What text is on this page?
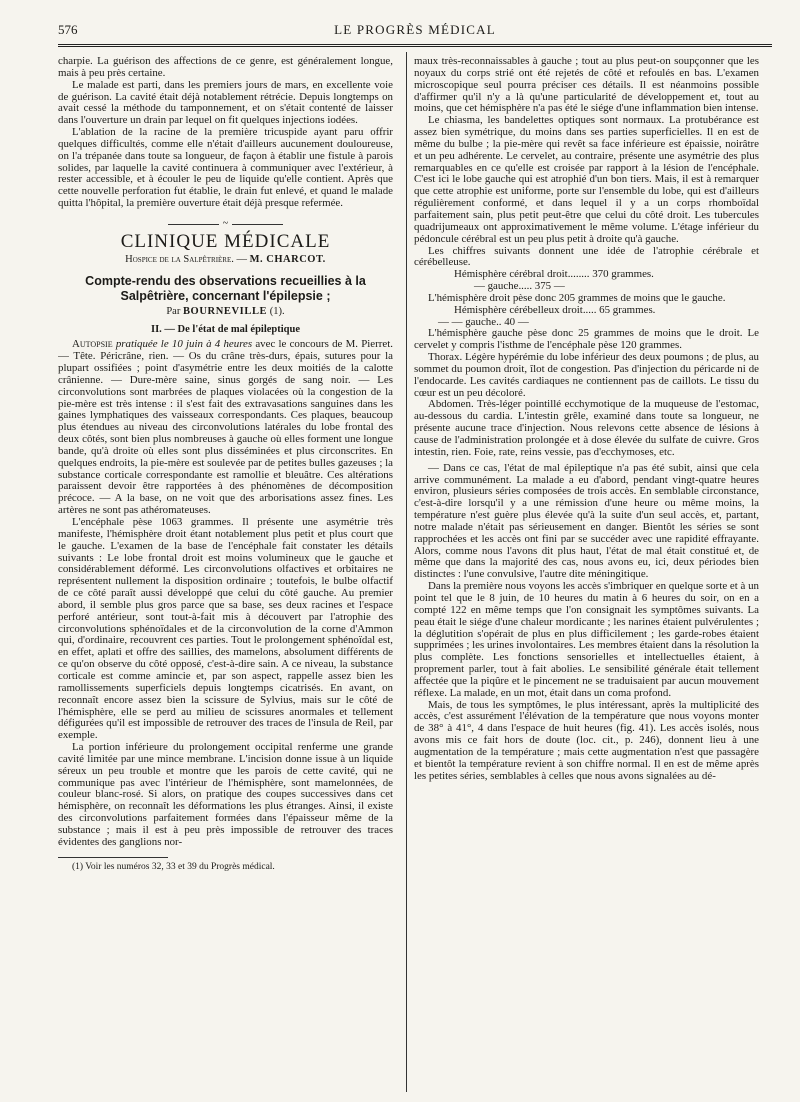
576	LE PROGRÈS MÉDICAL

charpie. La guérison des affections de ce genre, est généralement longue, mais à peu près certaine.

Le malade est parti, dans les premiers jours de mars, en excellente voie de guérison. La cavité était déjà notablement rétrécie. Depuis longtemps on avait cessé la méthode du tamponnement, et on s'était contenté de laisser dans l'ouverture un drain par lequel on fit quelques injections iodées.

L'ablation de la racine de la première tricuspide ayant paru offrir quelques difficultés, comme elle n'était d'ailleurs aucunement douloureuse, on l'a trépanée dans toute sa longueur, de façon à établir une fistule à parois solides, par laquelle la cavité continuera à communiquer avec l'extérieur, à rester accessible, et à écouler le peu de liquide qu'elle contient. Après que cette nouvelle perforation fut établie, le drain fut enlevé, et quand le malade quitta l'hôpital, la première ouverture était déjà presque refermée.

~
CLINIQUE MÉDICALE
Hospice de la Salpêtrière. — M. CHARCOT.
Compte-rendu des observations recueillies à la
Salpêtrière, concernant l'épilepsie ;
Par BOURNEVILLE (1).
II. — De l'état de mal épileptique

Autopsie pratiquée le 10 juin à 4 heures avec le concours de M. Pierret. — Tête. Péricrâne, rien. — Os du crâne très-durs, épais, sutures pour la plupart ossifiées ; point d'asymétrie entre les deux moitiés de la calotte crânienne. — Dure-mère saine, sinus gorgés de sang noir. — Les circonvolutions sont marbrées de plaques violacées où la congestion de la pie-mère est très intense : il s'est fait des extravasations sanguines dans les gaines lymphatiques des vaisseaux correspondants. Ces plaques, beaucoup plus étendues au niveau des circonvolutions latérales du lobe frontal des deux côtés, sont bien plus nombreuses à gauche où elles forment une longue bande, qu'à droite où elles sont plus disséminées et plus circonscrites. En quelques endroits, la pie-mère est soulevée par de petites bulles gazeuses ; la substance corticale correspondante est ramollie et bleuâtre. Ces altérations paraissent devoir être rapportées à des phénomènes de décomposition précoce. — A la base, on ne voit que des arborisations assez fines. Les artères ne sont pas athéromateuses.

L'encéphale pèse 1063 grammes. Il présente une asymétrie très manifeste, l'hémisphère droit étant notablement plus petit et plus court que le gauche. L'examen de la base de l'encéphale fait constater les détails suivants : Le lobe frontal droit est moins volumineux que le gauche et considérablement déformé. Les circonvolutions olfactives et orbitaires ne représentent nullement la disposition ordinaire ; toutefois, le bulbe olfactif de ce côté paraît aussi développé que celui du côté gauche. Au premier abord, il semble plus gros parce que sa base, ses deux racines et l'espace perforé antérieur, sont tout-à-fait mis à découvert par l'atrophie des circonvolutions sphénoïdales et de la circonvolution de la corne d'Ammon qui, d'ordinaire, recouvrent ces parties. Tout le prolongement sphénoïdal est, en effet, aplati et offre des saillies, des mamelons, absolument différents de ce qu'on observe du côté opposé, c'est-à-dire sain. A ce niveau, la substance corticale est comme amincie et, par son aspect, rappelle assez bien les ramollissements superficiels depuis longtemps cicatrisés. En avant, on reconnaît encore assez bien la scissure de Sylvius, mais sur le côté de l'hémisphère, elle se perd au milieu de scissures anormales et tellement défigurées qu'il est impossible de retrouver des traces de l'insula de Reil, par exemple.

La portion inférieure du prolongement occipital renferme une grande cavité limitée par une mince membrane. L'incision donne issue à un liquide séreux un peu trouble et montre que les parois de cette cavité, qui ne communique pas avec l'intérieur de l'hémisphère, sont mamelonnées, de couleur blanc-rosé. Si alors, on pratique des coupes successives dans cet hémisphère, on reconnaît les déformations les plus étranges. Ainsi, il existe des circonvolutions parfaitement formées dans l'épaisseur même de la substance ; mais il est à peu près impossible de retrouver des traces évidentes des ganglions nor-

(1) Voir les numéros 32, 33 et 39 du Progrès médical.

maux très-reconnaissables à gauche ; tout au plus peut-on soupçonner que les noyaux du corps strié ont été rejetés de côté et refoulés en bas. L'examen microscopique seul pourra préciser ces détails. Il est néanmoins possible d'affirmer qu'il n'y a là qu'une particularité de développement et, tout au moins, que cet hémisphère n'a pas été le siége d'une inflammation bien intense.

Le chiasma, les bandelettes optiques sont normaux. La protubérance est assez bien symétrique, du moins dans ses parties superficielles. Il en est de même du bulbe ; la pie-mère qui revêt sa face inférieure est épaissie, noirâtre et un peu adhérente. Le cervelet, au contraire, présente une asymétrie des plus remarquables en ce qu'elle est croisée par rapport à la lésion de l'encéphale. C'est ici le lobe gauche qui est atrophié d'un bon tiers. Mais, il est à remarquer que cette atrophie est uniforme, porte sur l'ensemble du lobe, qui est d'ailleurs régulièrement conformé, et dans lequel il y a un corps rhomboïdal parfaitement sain, plus petit peut-être que celui du côté droit. Les tubercules quadrijumeaux ont approximativement le même volume. L'étage inférieur du pédoncule cérébral est un peu plus petit à droite qu'à gauche.

Les chiffres suivants donnent une idée de l'atrophie cérébrale et cérébelleuse.

Hémisphère cérébral droit........ 370 grammes.

— gauche..... 375 —

L'hémisphère droit pèse donc 205 grammes de moins que le gauche.

Hémisphère cérébelleux droit..... 65 grammes.

— — gauche.. 40 —

L'hémisphère gauche pèse donc 25 grammes de moins que le droit. Le cervelet y compris l'isthme de l'encéphale pèse 120 grammes.

Thorax. Légère hypérémie du lobe inférieur des deux poumons ; de plus, au sommet du poumon droit, îlot de congestion. Pas d'injection du péricarde ni de l'endocarde. Les cavités cardiaques ne contiennent pas de caillots. Le tissu du cœur est un peu décoloré.

Abdomen. Très-léger pointillé ecchymotique de la muqueuse de l'estomac, au-dessous du cardia. L'intestin grêle, examiné dans toute sa longueur, ne présente aucune trace d'injection. Nous relevons cette absence de lésions à cause de l'administration prolongée et à dose élevée du sulfate de cuivre. Gros intestin, rien. Foie, rate, reins vessie, pas d'ecchymoses, etc.

— Dans ce cas, l'état de mal épileptique n'a pas été subit, ainsi que cela arrive communément. La malade a eu d'abord, pendant vingt-quatre heures environ, plusieurs séries composées de trois accès. En semblable circonstance, c'est-à-dire lorsqu'il y a une rémission d'une heure ou même moins, la température n'est guère plus élevée qu'à la suite d'un seul accès, et, partant, notre malade n'était pas sérieusement en danger. Bientôt les séries se sont rapprochées et les accès ont fini par se succéder avec une rapidité effrayante. Alors, comme nous l'avons dit plus haut, l'état de mal était constitué et, de même que dans la majorité des cas, nous avons eu, ici, deux périodes bien distinctes : l'une convulsive, l'autre dite méningitique.

Dans la première nous voyons les accès s'imbriquer en quelque sorte et à un point tel que le 8 juin, de 10 heures du matin à 6 heures du soir, on en a compté 122 en même temps que l'on consignait les symptômes suivants. La peau était le siége d'une chaleur mordicante ; les narines étaient pulvérulentes ; la déglutition s'opérait de plus en plus difficilement ; les garde-robes étaient supprimées ; les urines involontaires. Les membres étaient dans la résolution la plus complète. Les fonctions sensorielles et intellectuelles étaient, à proprement parler, tout à fait abolies. Le sensibilité générale était tellement affectée que la piqûre et le pincement ne se traduisaient par aucun mouvement réflexe. La malade, en un mot, était dans un coma profond.

Mais, de tous les symptômes, le plus intéressant, après la multiplicité des accès, c'est assurément l'élévation de la température que nous voyons monter de 38° à 41°, 4 dans l'espace de huit heures (fig. 41). Les accès isolés, nous avons mis ce fait hors de doute (loc. cit., p. 246), donnent lieu à une augmentation de la température ; mais cette augmentation n'est que passagère et bientôt la température revient à son chiffre normal. Il en est de même après les petites séries, semblables à celles que nous avons signalées au dé-
